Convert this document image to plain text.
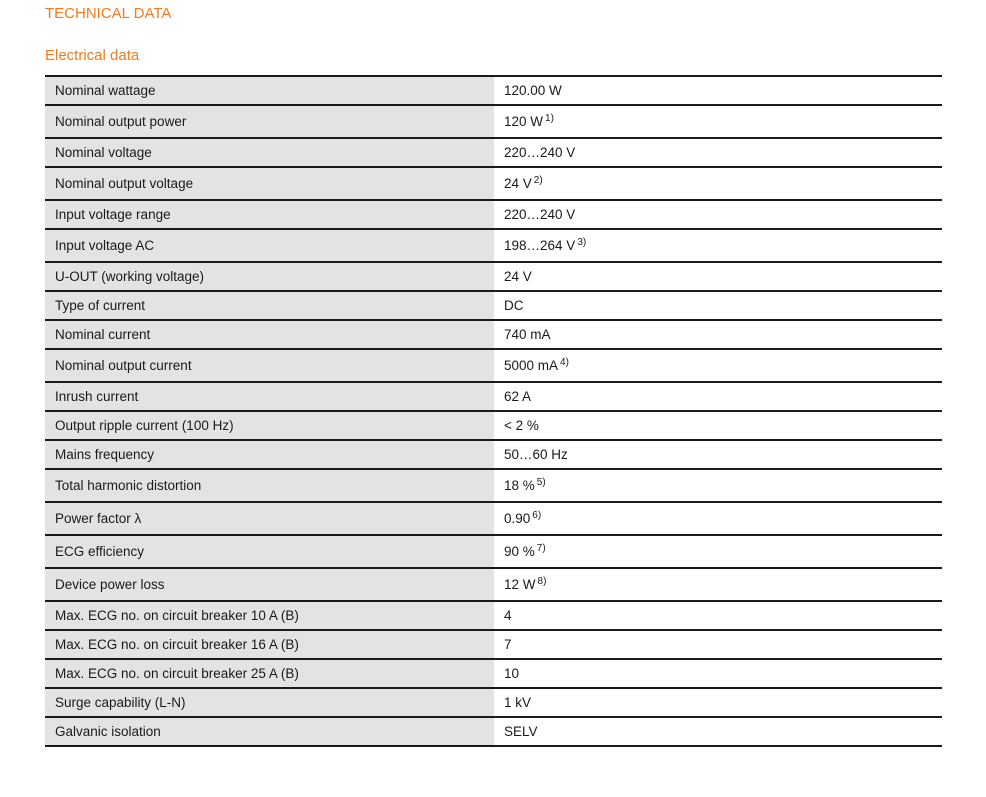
TECHNICAL DATA
Electrical data
Nominal wattage	120.00 W
Nominal output power	120 W $^{1)}$
Nominal voltage	220…240 V
Nominal output voltage	24 V $^{2)}$
Input voltage range	220…240 V
Input voltage AC	198…264 V $^{3)}$
U-OUT (working voltage)	24 V
Type of current	DC
Nominal current	740 mA
Nominal output current	5000 mA $^{4)}$
Inrush current	62 A
Output ripple current (100 Hz)	< 2 %
Mains frequency	50…60 Hz
Total harmonic distortion	18 % $^{5)}$
Power factor λ	0.90 $^{6)}$
ECG efficiency	90 % $^{7)}$
Device power loss	12 W $^{8)}$
Max. ECG no. on circuit breaker 10 A (B)	4
Max. ECG no. on circuit breaker 16 A (B)	7
Max. ECG no. on circuit breaker 25 A (B)	10
Surge capability (L-N)	1 kV
Galvanic isolation	SELV
